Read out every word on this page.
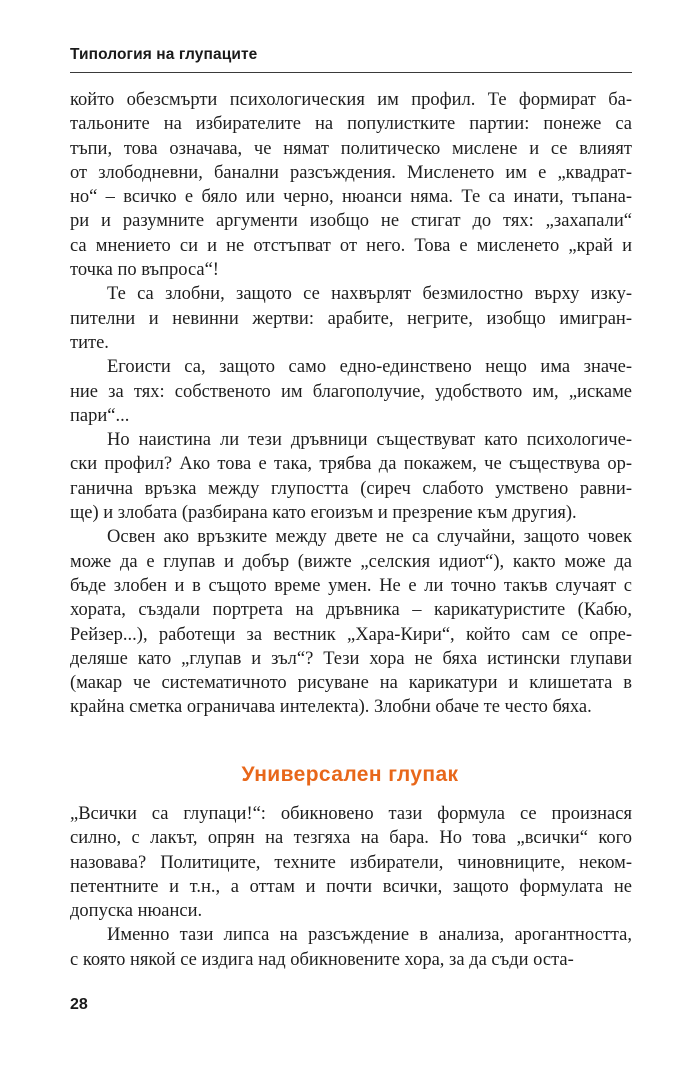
Типология на глупаците

който обезсмърти психологическия им профил. Те формират ба-
тальоните на избирателите на популистките партии: понеже са
тъпи, това означава, че нямат политическо мислене и се влияят
от злободневни, банални разсъждения. Мисленето им е „квадрат-
но“ – всичко е бяло или черно, нюанси няма. Те са инати, тъпана-
ри и разумните аргументи изобщо не стигат до тях: „захапали“
са мнението си и не отстъпват от него. Това е мисленето „край и
точка по въпроса“!

Те са злобни, защото се нахвърлят безмилостно върху изку-
пителни и невинни жертви: арабите, негрите, изобщо имигран-
тите.

Егоисти са, защото само едно-единствено нещо има значе-
ние за тях: собственото им благополучие, удобството им, „искаме
пари“...

Но наистина ли тези дръвници съществуват като психологиче-
ски профил? Ако това е така, трябва да покажем, че съществува ор-
ганична връзка между глупостта (сиреч слабото умствено равни-
ще) и злобата (разбирана като егоизъм и презрение към другия).

Освен ако връзките между двете не са случайни, защото човек
може да е глупав и добър (вижте „селския идиот“), както може да
бъде злобен и в същото време умен. Не е ли точно такъв случаят с
хората, създали портрета на дръвника – карикатуристите (Кабю,
Рейзер...), работещи за вестник „Хара-Кири“, който сам се опре-
деляше като „глупав и зъл“? Тези хора не бяха истински глупави
(макар че систематичното рисуване на карикатури и клишетата в
крайна сметка ограничава интелекта). Злобни обаче те често бяха.

Универсален глупак

„Всички са глупаци!“: обикновено тази формула се произнася
силно, с лакът, опрян на тезгяха на бара. Но това „всички“ кого
назовава? Политиците, техните избиратели, чиновниците, неком-
петентните и т.н., а оттам и почти всички, защото формулата не
допуска нюанси.

Именно тази липса на разсъждение в анализа, арогантността,
с която някой се издига над обикновените хора, за да съди оста-

28
